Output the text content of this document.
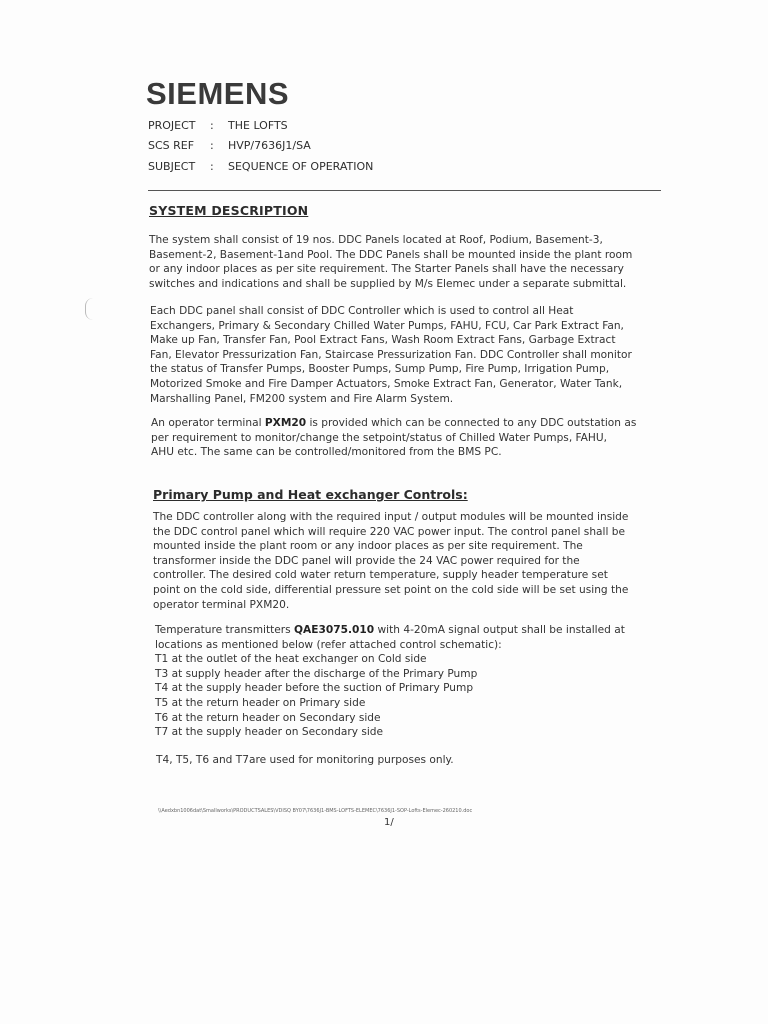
SIEMENS
PROJECT : THE LOFTS
SCS REF : HVP/7636J1/SA
SUBJECT : SEQUENCE OF OPERATION
SYSTEM DESCRIPTION
The system shall consist of 19 nos. DDC Panels located at Roof, Podium, Basement-3,
Basement-2, Basement-1and Pool. The DDC Panels shall be mounted inside the plant room
or any indoor places as per site requirement. The Starter Panels shall have the necessary
switches and indications and shall be supplied by M/s Elemec under a separate submittal.
Each DDC panel shall consist of DDC Controller which is used to control all Heat
Exchangers, Primary & Secondary Chilled Water Pumps, FAHU, FCU, Car Park Extract Fan,
Make up Fan, Transfer Fan, Pool Extract Fans, Wash Room Extract Fans, Garbage Extract
Fan, Elevator Pressurization Fan, Staircase Pressurization Fan. DDC Controller shall monitor
the status of Transfer Pumps, Booster Pumps, Sump Pump, Fire Pump, Irrigation Pump,
Motorized Smoke and Fire Damper Actuators, Smoke Extract Fan, Generator, Water Tank,
Marshalling Panel, FM200 system and Fire Alarm System.
An operator terminal PXM20 is provided which can be connected to any DDC outstation as
per requirement to monitor/change the setpoint/status of Chilled Water Pumps, FAHU,
AHU etc. The same can be controlled/monitored from the BMS PC.
Primary Pump and Heat exchanger Controls:
The DDC controller along with the required input / output modules will be mounted inside
the DDC control panel which will require 220 VAC power input. The control panel shall be
mounted inside the plant room or any indoor places as per site requirement. The
transformer inside the DDC panel will provide the 24 VAC power required for the
controller. The desired cold water return temperature, supply header temperature set
point on the cold side, differential pressure set point on the cold side will be set using the
operator terminal PXM20.
Temperature transmitters QAE3075.010 with 4-20mA signal output shall be installed at
locations as mentioned below (refer attached control schematic):
T1 at the outlet of the heat exchanger on Cold side
T3 at supply header after the discharge of the Primary Pump
T4 at the supply header before the suction of Primary Pump
T5 at the return header on Primary side
T6 at the return header on Secondary side
T7 at the supply header on Secondary side
T4, T5, T6 and T7are used for monitoring purposes only.
\\Aedxbn1006dat\Smallworks\PRODUCTSALES\VDISQ BY07\7636J1-BMS-LOFTS-ELEMEC\7636J1-SOP-Lofts-Elemec-260210.doc
1/
